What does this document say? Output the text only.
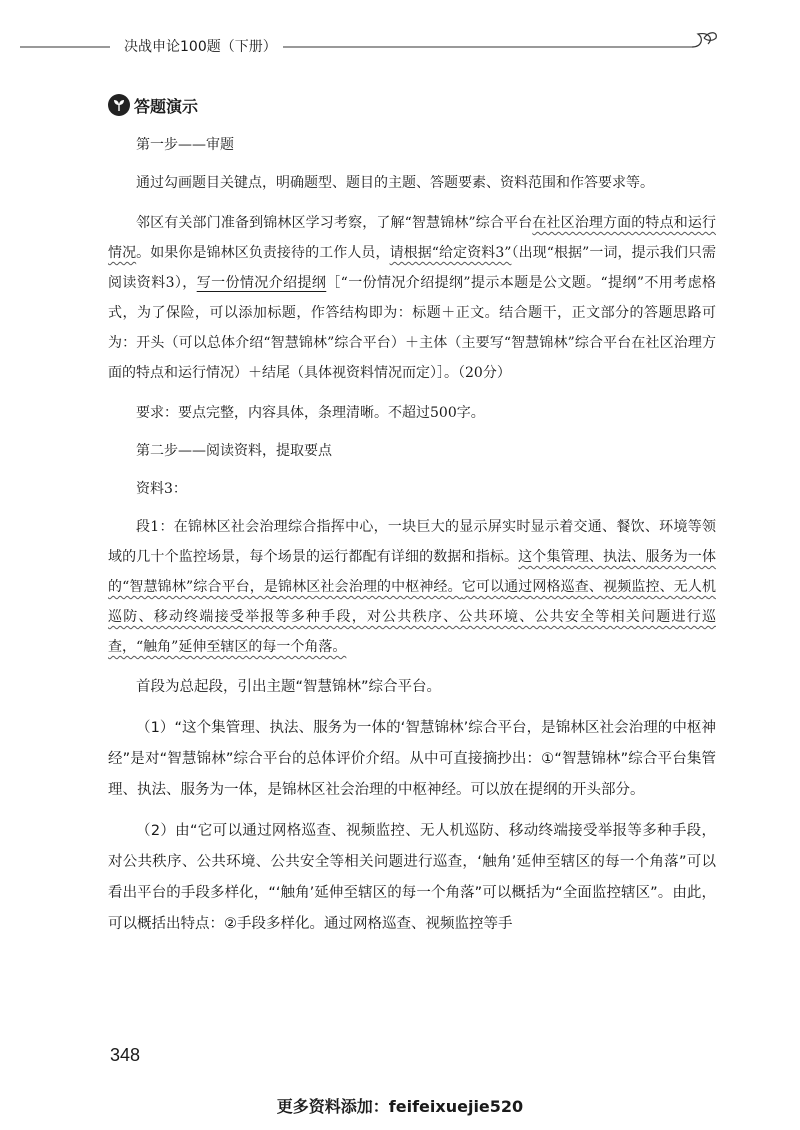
决战申论100题（下册）
答题演示

第一步——审题

通过勾画题目关键点，明确题型、题目的主题、答题要素、资料范围和作答要求等。

邻区有关部门准备到锦林区学习考察，了解“智慧锦林”综合平台在社区治理方面的特点和运行情况。如果你是锦林区负责接待的工作人员，请根据“给定资料3”（出现“根据”一词，提示我们只需阅读资料3），写一份情况介绍提纲［“一份情况介绍提纲”提示本题是公文题。“提纲”不用考虑格式，为了保险，可以添加标题，作答结构即为：标题＋正文。结合题干，正文部分的答题思路可为：开头（可以总体介绍“智慧锦林”综合平台）＋主体（主要写“智慧锦林”综合平台在社区治理方面的特点和运行情况）＋结尾（具体视资料情况而定）］。（20分）

要求：要点完整，内容具体，条理清晰。不超过500字。

第二步——阅读资料，提取要点

资料3：

段1：在锦林区社会治理综合指挥中心，一块巨大的显示屏实时显示着交通、餐饮、环境等领域的几十个监控场景，每个场景的运行都配有详细的数据和指标。这个集管理、执法、服务为一体的“智慧锦林”综合平台，是锦林区社会治理的中枢神经。它可以通过网格巡查、视频监控、无人机巡防、移动终端接受举报等多种手段，对公共秩序、公共环境、公共安全等相关问题进行巡查，“触角”延伸至辖区的每一个角落。

首段为总起段，引出主题“智慧锦林”综合平台。

（1）“这个集管理、执法、服务为一体的‘智慧锦林’综合平台，是锦林区社会治理的中枢神经”是对“智慧锦林”综合平台的总体评价介绍。从中可直接摘抄出：①“智慧锦林”综合平台集管理、执法、服务为一体，是锦林区社会治理的中枢神经。可以放在提纲的开头部分。

（2）由“它可以通过网格巡查、视频监控、无人机巡防、移动终端接受举报等多种手段，对公共秩序、公共环境、公共安全等相关问题进行巡查，‘触角’延伸至辖区的每一个角落”可以看出平台的手段多样化，“‘触角’延伸至辖区的每一个角落”可以概括为“全面监控辖区”。由此，可以概括出特点：②手段多样化。通过网格巡查、视频监控等手

348
更多资料添加：feifeixuejie520
